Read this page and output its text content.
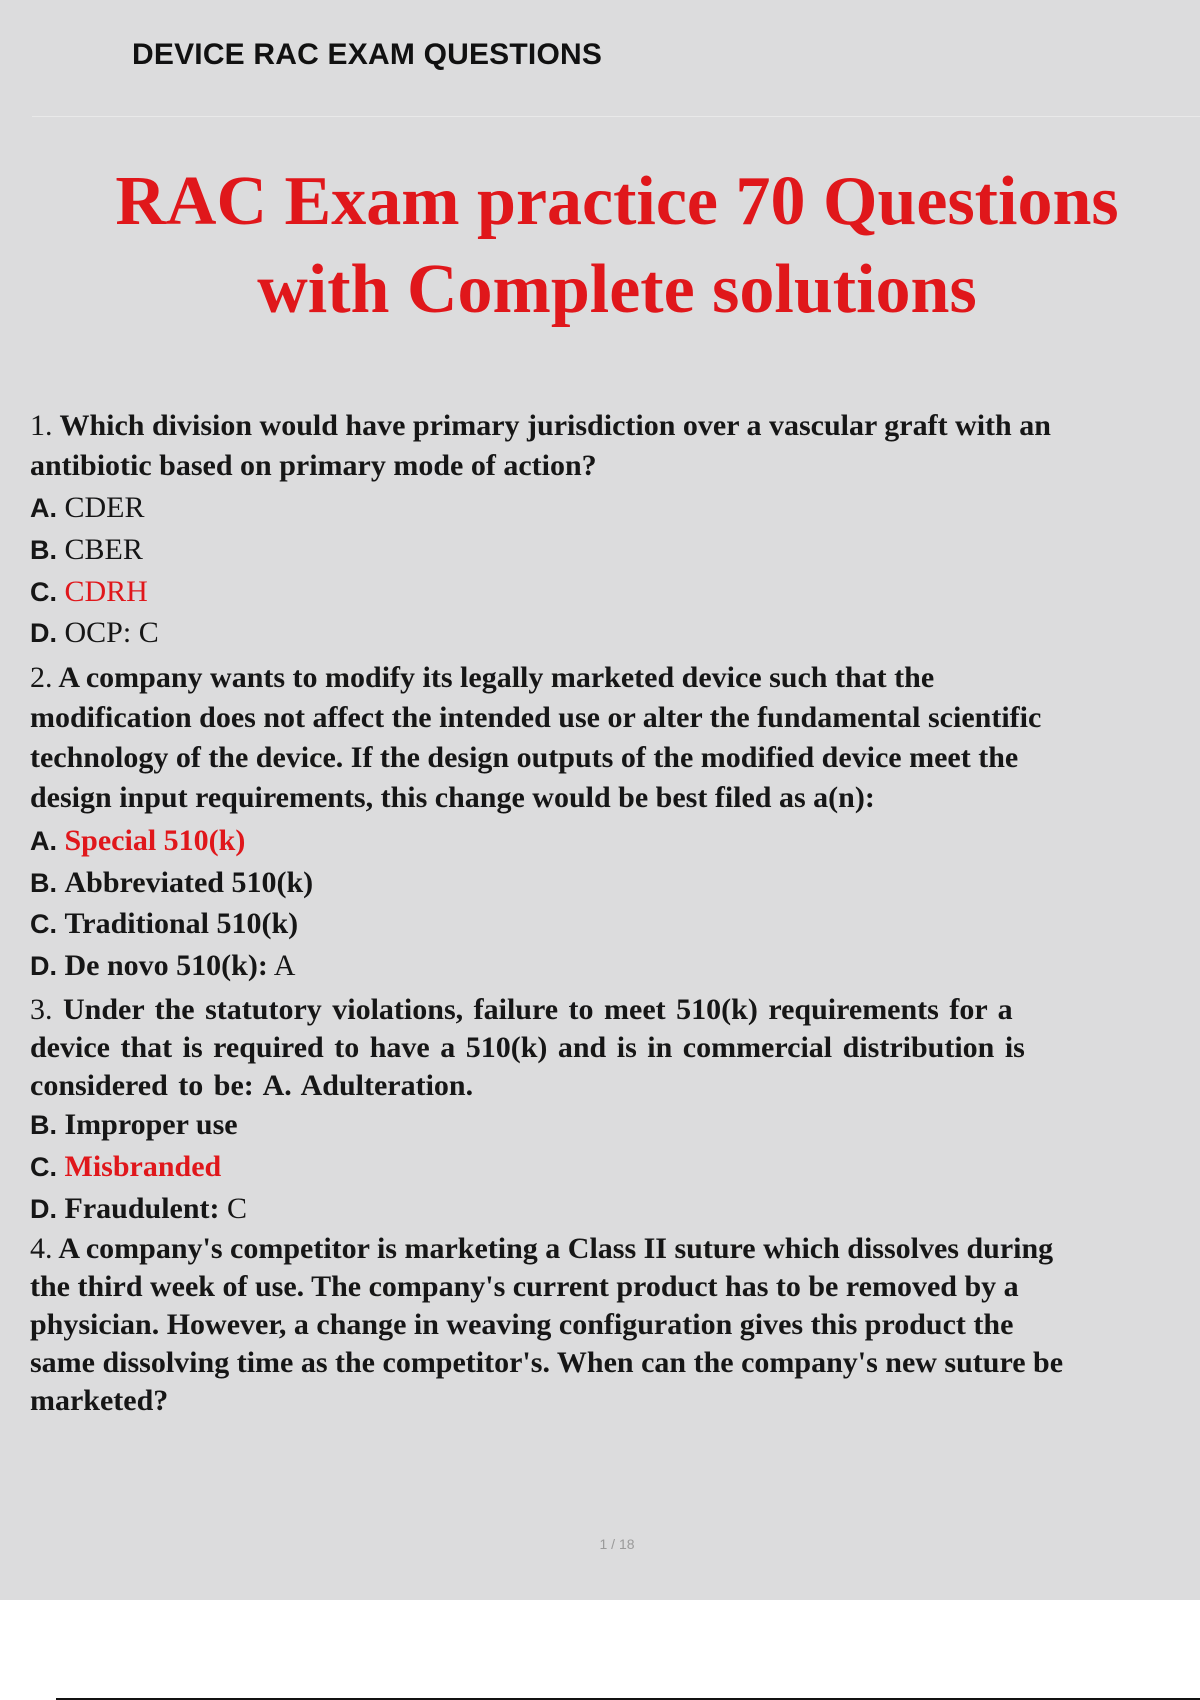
DEVICE RAC EXAM QUESTIONS
RAC Exam practice 70 Questions
with Complete solutions
1. Which division would have primary jurisdiction over a vascular graft with an
antibiotic based on primary mode of action?
A. CDER
B. CBER
C. CDRH
D. OCP: C
2. A company wants to modify its legally marketed device such that the
modification does not affect the intended use or alter the fundamental scientific
technology of the device. If the design outputs of the modified device meet the
design input requirements, this change would be best filed as a(n):
A. Special 510(k)
B. Abbreviated 510(k)
C. Traditional 510(k)
D. De novo 510(k): A
3. Under the statutory violations, failure to meet 510(k) requirements for a
device that is required to have a 510(k) and is in commercial distribution is
considered to be: A. Adulteration.
B. Improper use
C. Misbranded
D. Fraudulent: C
4. A company's competitor is marketing a Class II suture which dissolves during
the third week of use. The company's current product has to be removed by a
physician. However, a change in weaving configuration gives this product the
same dissolving time as the competitor's. When can the company's new suture be
marketed?
1 / 18
